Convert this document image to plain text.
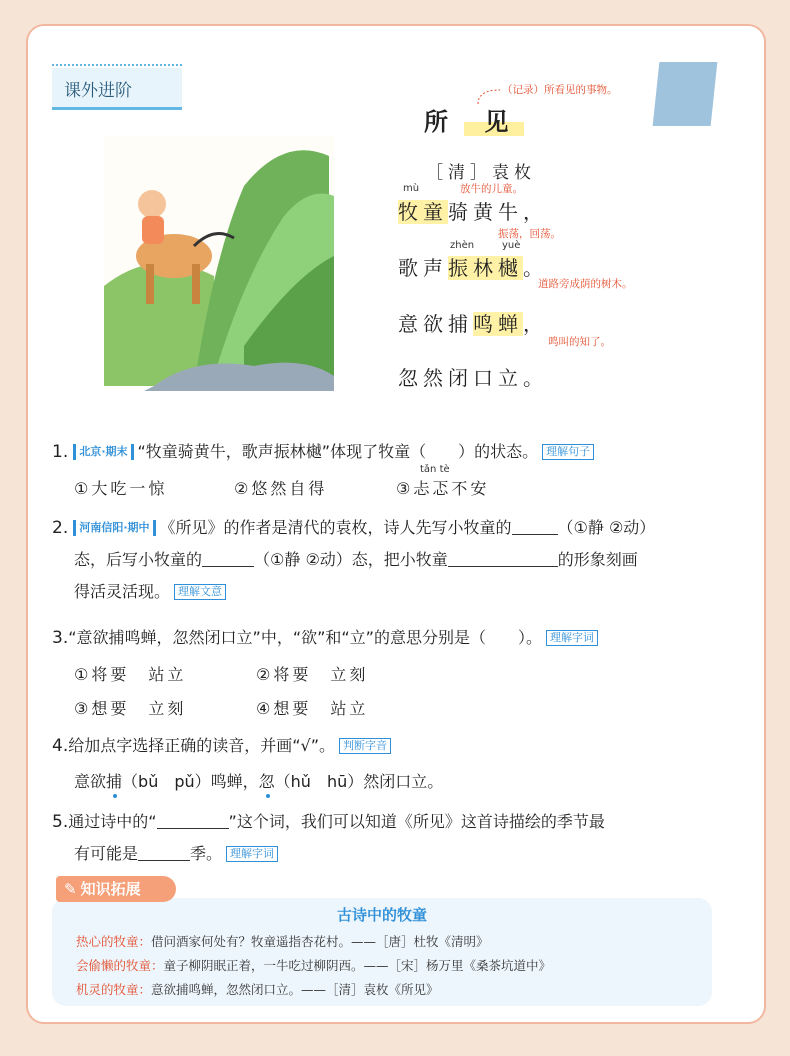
课外进阶
所 见
（记录）所看见的事物。
［清］袁枚
mù	放牛的儿童。
牧童骑黄牛，
振荡，回荡。
zhèn	yuè
歌声振林樾。
道路旁成荫的树木。
意欲捕鸣蝉，
鸣叫的知了。
忽然闭口立。
1. 北京·期末 “牧童骑黄牛，歌声振林樾”体现了牧童（　　）的状态。 理解句子
tǎn tè
①大吃一惊	②悠然自得	③忐忑不安
2. 河南信阳·期中 《所见》的作者是清代的袁枚，诗人先写小牧童的	（①静 ②动）
态，后写小牧童的	（①静 ②动）态，把小牧童	的形象刻画
得活灵活现。 理解文意
3.“意欲捕鸣蝉，忽然闭口立”中，“欲”和“立”的意思分别是（　　）。 理解字词
①将要　站立	②将要　立刻
③想要　立刻	④想要　站立
4.给加点字选择正确的读音，并画“√”。 判断字音
意欲捕
（bǔ　pǔ）鸣蝉，忽
（hǔ　hū）然闭口立。
5.通过诗中的“	”这个词，我们可以知道《所见》这首诗描绘的季节最
有可能是	季。 理解字词
✎ 知识拓展
古诗中的牧童
热心的牧童：借问酒家何处有？牧童遥指杏花村。——［唐］杜牧《清明》
会偷懒的牧童：童子柳阴眠正着，一牛吃过柳阴西。——［宋］杨万里《桑茶坑道中》
机灵的牧童：意欲捕鸣蝉，忽然闭口立。——［清］袁枚《所见》
